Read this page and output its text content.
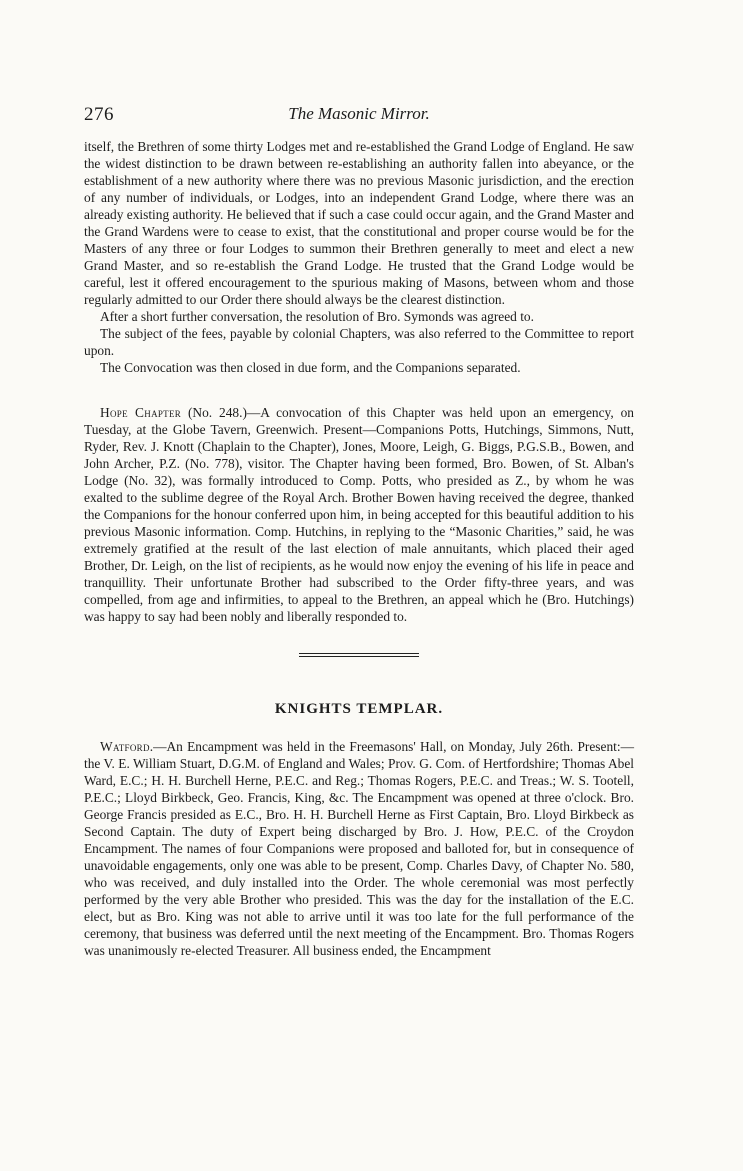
276	The Masonic Mirror.

itself, the Brethren of some thirty Lodges met and re-established the Grand Lodge of England. He saw the widest distinction to be drawn between re-establishing an authority fallen into abeyance, or the establishment of a new authority where there was no previous Masonic jurisdiction, and the erection of any number of individuals, or Lodges, into an independent Grand Lodge, where there was an already existing authority. He believed that if such a case could occur again, and the Grand Master and the Grand Wardens were to cease to exist, that the constitutional and proper course would be for the Masters of any three or four Lodges to summon their Brethren generally to meet and elect a new Grand Master, and so re-establish the Grand Lodge. He trusted that the Grand Lodge would be careful, lest it offered encouragement to the spurious making of Masons, between whom and those regularly admitted to our Order there should always be the clearest distinction.

After a short further conversation, the resolution of Bro. Symonds was agreed to.

The subject of the fees, payable by colonial Chapters, was also referred to the Committee to report upon.

The Convocation was then closed in due form, and the Companions separated.

Hope Chapter (No. 248.)—A convocation of this Chapter was held upon an emergency, on Tuesday, at the Globe Tavern, Greenwich. Present—Companions Potts, Hutchings, Simmons, Nutt, Ryder, Rev. J. Knott (Chaplain to the Chapter), Jones, Moore, Leigh, G. Biggs, P.G.S.B., Bowen, and John Archer, P.Z. (No. 778), visitor. The Chapter having been formed, Bro. Bowen, of St. Alban's Lodge (No. 32), was formally introduced to Comp. Potts, who presided as Z., by whom he was exalted to the sublime degree of the Royal Arch. Brother Bowen having received the degree, thanked the Companions for the honour conferred upon him, in being accepted for this beautiful addition to his previous Masonic information. Comp. Hutchins, in replying to the “Masonic Charities,” said, he was extremely gratified at the result of the last election of male annuitants, which placed their aged Brother, Dr. Leigh, on the list of recipients, as he would now enjoy the evening of his life in peace and tranquillity. Their unfortunate Brother had subscribed to the Order fifty-three years, and was compelled, from age and infirmities, to appeal to the Brethren, an appeal which he (Bro. Hutchings) was happy to say had been nobly and liberally responded to.

KNIGHTS TEMPLAR.

Watford.—An Encampment was held in the Freemasons' Hall, on Monday, July 26th. Present:—the V. E. William Stuart, D.G.M. of England and Wales; Prov. G. Com. of Hertfordshire; Thomas Abel Ward, E.C.; H. H. Burchell Herne, P.E.C. and Reg.; Thomas Rogers, P.E.C. and Treas.; W. S. Tootell, P.E.C.; Lloyd Birkbeck, Geo. Francis, King, &c. The Encampment was opened at three o'clock. Bro. George Francis presided as E.C., Bro. H. H. Burchell Herne as First Captain, Bro. Lloyd Birkbeck as Second Captain. The duty of Expert being discharged by Bro. J. How, P.E.C. of the Croydon Encampment. The names of four Companions were proposed and balloted for, but in consequence of unavoidable engagements, only one was able to be present, Comp. Charles Davy, of Chapter No. 580, who was received, and duly installed into the Order. The whole ceremonial was most perfectly performed by the very able Brother who presided. This was the day for the installation of the E.C. elect, but as Bro. King was not able to arrive until it was too late for the full performance of the ceremony, that business was deferred until the next meeting of the Encampment. Bro. Thomas Rogers was unanimously re-elected Treasurer. All business ended, the Encampment
